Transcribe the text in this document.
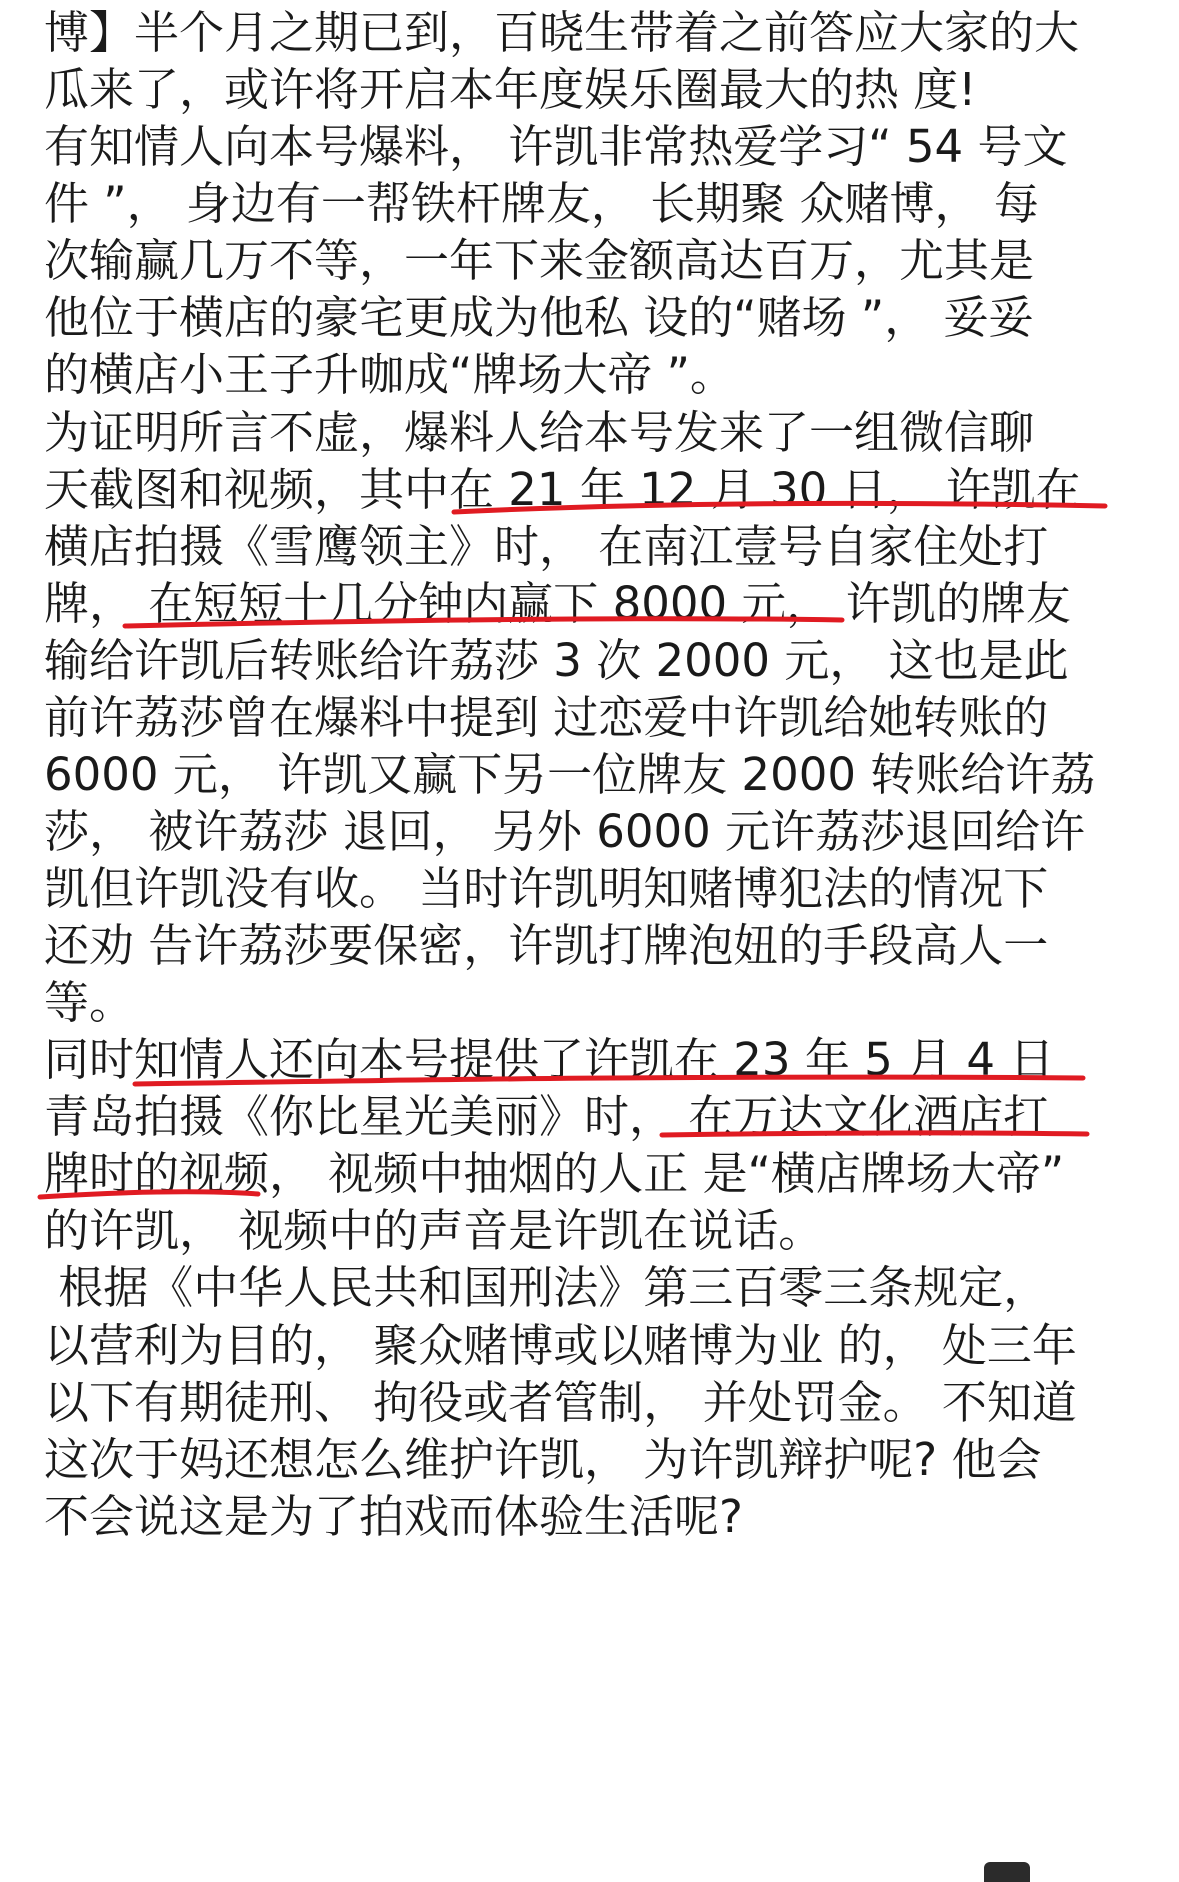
博】半个月之期已到，百晓生带着之前答应大家的大
瓜来了，或许将开启本年度娱乐圈最大的热 度!
有知情人向本号爆料， 许凯非常热爱学习“ 54 号文
件 ”， 身边有一帮铁杆牌友， 长期聚 众赌博， 每
次输赢几万不等，一年下来金额高达百万，尤其是
他位于横店的豪宅更成为他私 设的“赌场 ”， 妥妥
的横店小王子升咖成“牌场大帝 ”。
为证明所言不虚，爆料人给本号发来了一组微信聊
天截图和视频，其中在 21 年 12 月 30 日， 许凯在
横店拍摄《雪鹰领主》时， 在南江壹号自家住处打
牌， 在短短十几分钟内赢下 8000 元， 许凯的牌友
输给许凯后转账给许荔莎 3 次 2000 元， 这也是此
前许荔莎曾在爆料中提到 过恋爱中许凯给她转账的
6000 元， 许凯又赢下另一位牌友 2000 转账给许荔
莎， 被许荔莎 退回， 另外 6000 元许荔莎退回给许
凯但许凯没有收。 当时许凯明知赌博犯法的情况下
还劝 告许荔莎要保密，许凯打牌泡妞的手段高人一
等。
同时知情人还向本号提供了许凯在 23 年 5 月 4 日
青岛拍摄《你比星光美丽》时， 在万达文化酒店打
牌时的视频， 视频中抽烟的人正 是“横店牌场大帝”
的许凯， 视频中的声音是许凯在说话。
根据《中华人民共和国刑法》第三百零三条规定，
以营利为目的， 聚众赌博或以赌博为业 的， 处三年
以下有期徒刑、 拘役或者管制， 并处罚金。 不知道
这次于妈还想怎么维护许凯， 为许凯辩护呢? 他会
不会说这是为了拍戏而体验生活呢?
